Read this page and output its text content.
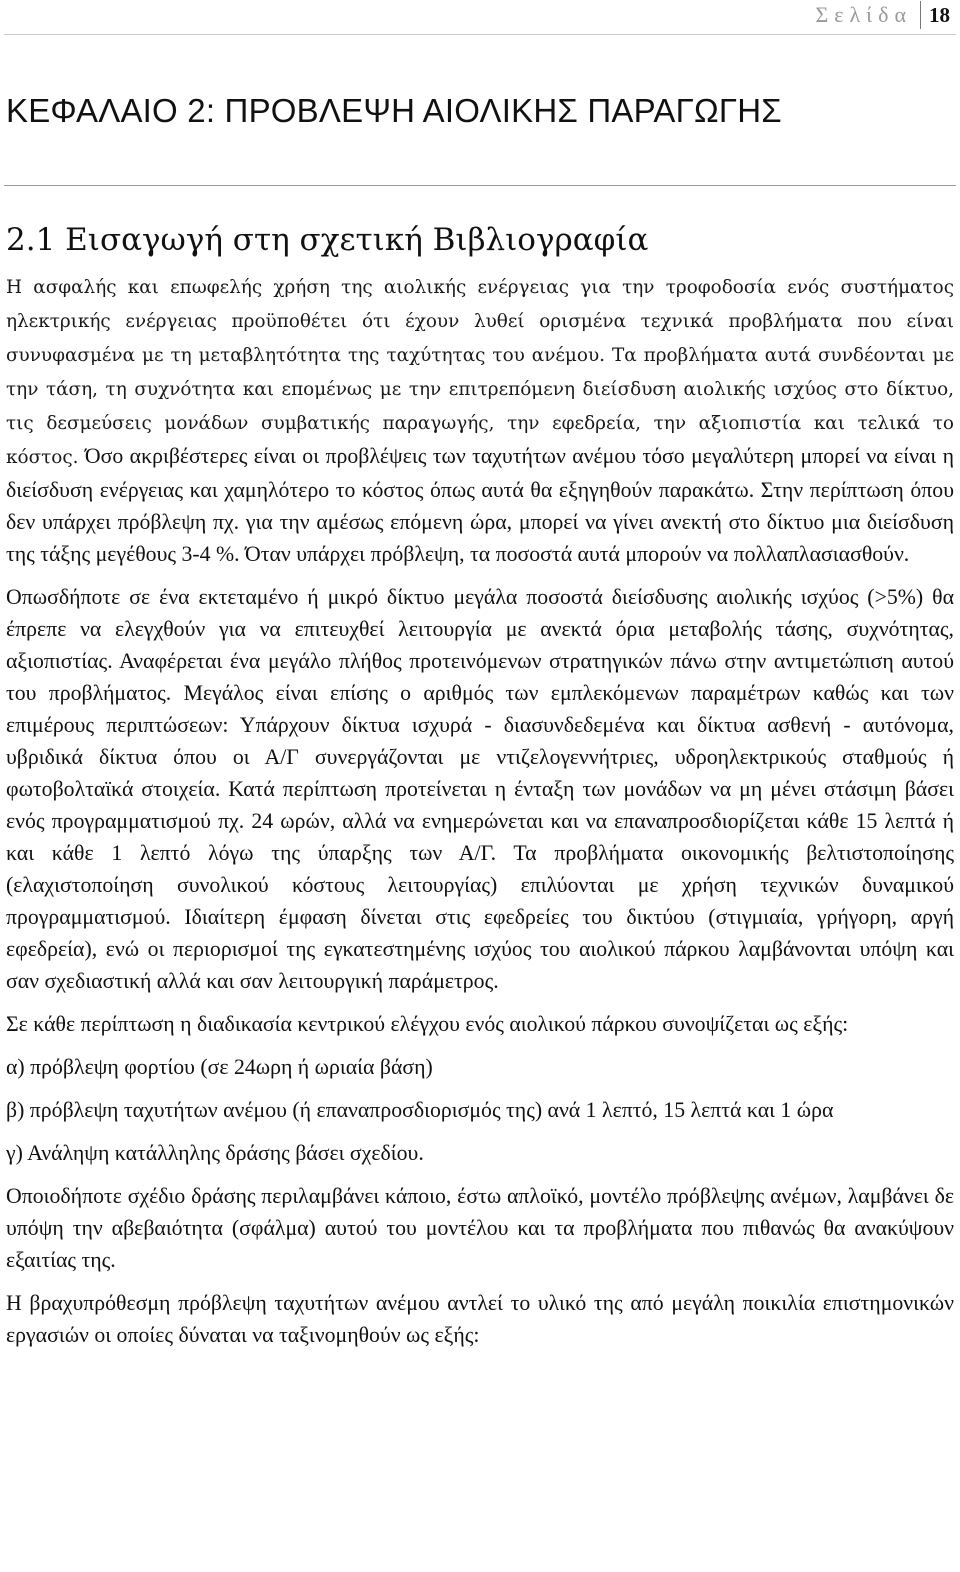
Σελίδα 18
ΚΕΦΑΛΑΙΟ 2: ΠΡΟΒΛΕΨΗ ΑΙΟΛΙΚΗΣ ΠΑΡΑΓΩΓΗΣ
2.1 Εισαγωγή στη σχετική Βιβλιογραφία

Η ασφαλής και επωφελής χρήση της αιολικής ενέργειας για την τροφοδοσία ενός συστήματος ηλεκτρικής ενέργειας προϋποθέτει ότι έχουν λυθεί ορισμένα τεχνικά προβλήματα που είναι συνυφασμένα με τη μεταβλητότητα της ταχύτητας του ανέμου. Τα προβλήματα αυτά συνδέονται με την τάση, τη συχνότητα και επομένως με την επιτρεπόμενη διείσδυση αιολικής ισχύος στο δίκτυο, τις δεσμεύσεις μονάδων συμβατικής παραγωγής, την εφεδρεία, την αξιοπιστία και τελικά το κόστος. Όσο ακριβέστερες είναι οι προβλέψεις των ταχυτήτων ανέμου τόσο μεγαλύτερη μπορεί να είναι η διείσδυση ενέργειας και χαμηλότερο το κόστος όπως αυτά θα εξηγηθούν παρακάτω. Στην περίπτωση όπου δεν υπάρχει πρόβλεψη πχ. για την αμέσως επόμενη ώρα, μπορεί να γίνει ανεκτή στο δίκτυο μια διείσδυση της τάξης μεγέθους 3-4 %. Όταν υπάρχει πρόβλεψη, τα ποσοστά αυτά μπορούν να πολλαπλασιασθούν.

Οπωσδήποτε σε ένα εκτεταμένο ή μικρό δίκτυο μεγάλα ποσοστά διείσδυσης αιολικής ισχύος (>5%) θα έπρεπε να ελεγχθούν για να επιτευχθεί λειτουργία με ανεκτά όρια μεταβολής τάσης, συχνότητας, αξιοπιστίας. Αναφέρεται ένα μεγάλο πλήθος προτεινόμενων στρατηγικών πάνω στην αντιμετώπιση αυτού του προβλήματος. Μεγάλος είναι επίσης ο αριθμός των εμπλεκόμενων παραμέτρων καθώς και των επιμέρους περιπτώσεων: Υπάρχουν δίκτυα ισχυρά - διασυνδεδεμένα και δίκτυα ασθενή - αυτόνομα, υβριδικά δίκτυα όπου οι Α/Γ συνεργάζονται με ντιζελογεννήτριες, υδροηλεκτρικούς σταθμούς ή φωτοβολταϊκά στοιχεία. Κατά περίπτωση προτείνεται η ένταξη των μονάδων να μη μένει στάσιμη βάσει ενός προγραμματισμού πχ. 24 ωρών, αλλά να ενημερώνεται και να επαναπροσδιορίζεται κάθε 15 λεπτά ή και κάθε 1 λεπτό λόγω της ύπαρξης των Α/Γ. Τα προβλήματα οικονομικής βελτιστοποίησης (ελαχιστοποίηση συνολικού κόστους λειτουργίας) επιλύονται με χρήση τεχνικών δυναμικού προγραμματισμού. Ιδιαίτερη έμφαση δίνεται στις εφεδρείες του δικτύου (στιγμιαία, γρήγορη, αργή εφεδρεία), ενώ οι περιορισμοί της εγκατεστημένης ισχύος του αιολικού πάρκου λαμβάνονται υπόψη και σαν σχεδιαστική αλλά και σαν λειτουργική παράμετρος.

Σε κάθε περίπτωση η διαδικασία κεντρικού ελέγχου ενός αιολικού πάρκου συνοψίζεται ως εξής:

α) πρόβλεψη φορτίου (σε 24ωρη ή ωριαία βάση)

β) πρόβλεψη ταχυτήτων ανέμου (ή επαναπροσδιορισμός της) ανά 1 λεπτό, 15 λεπτά και 1 ώρα

γ) Ανάληψη κατάλληλης δράσης βάσει σχεδίου.

Οποιοδήποτε σχέδιο δράσης περιλαμβάνει κάποιο, έστω απλοϊκό, μοντέλο πρόβλεψης ανέμων, λαμβάνει δε υπόψη την αβεβαιότητα (σφάλμα) αυτού του μοντέλου και τα προβλήματα που πιθανώς θα ανακύψουν εξαιτίας της.

Η βραχυπρόθεσμη πρόβλεψη ταχυτήτων ανέμου αντλεί το υλικό της από μεγάλη ποικιλία επιστημονικών εργασιών οι οποίες δύναται να ταξινομηθούν ως εξής:
